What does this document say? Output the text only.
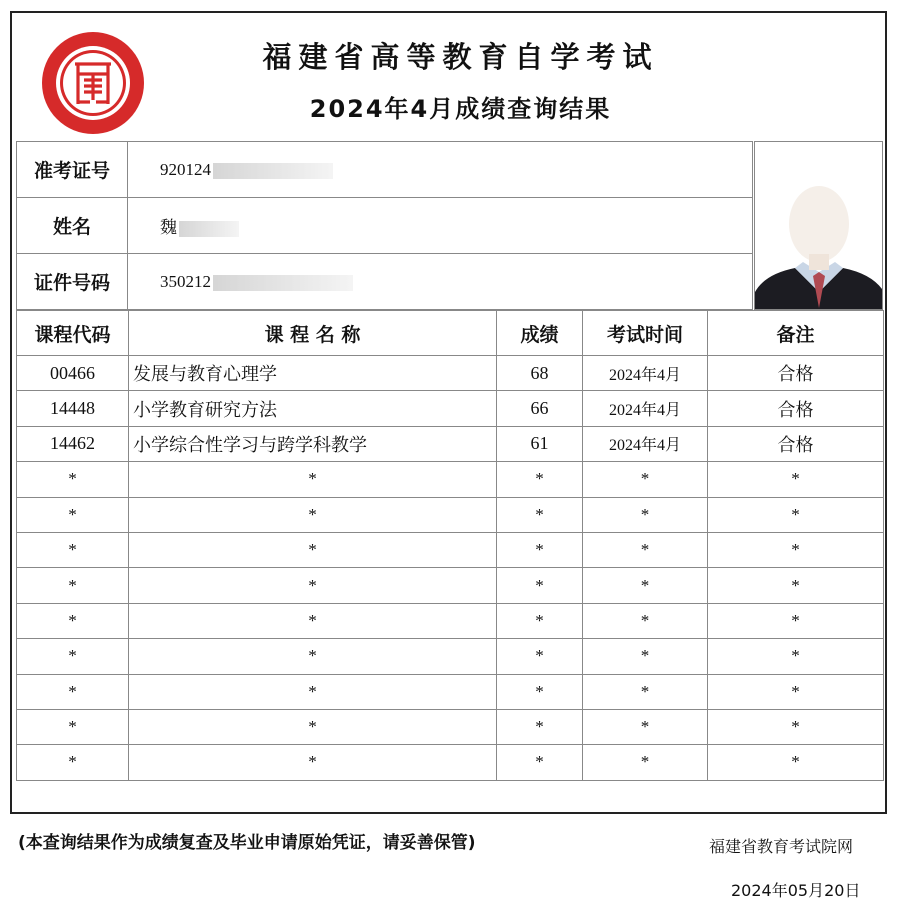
福建省高等教育自学考试
2024年4月成绩查询结果
准考证号	920124
姓名	魏
证件号码	350212
课程代码	课 程 名 称	成绩	考试时间	备注
00466	发展与教育心理学	68	2024年4月	合格
14448	小学教育研究方法	66	2024年4月	合格
14462	小学综合性学习与跨学科教学	61	2024年4月	合格
*	*	*	*	*
*	*	*	*	*
*	*	*	*	*
*	*	*	*	*
*	*	*	*	*
*	*	*	*	*
*	*	*	*	*
*	*	*	*	*
*	*	*	*	*
(本查询结果作为成绩复查及毕业申请原始凭证，请妥善保管)	福建省教育考试院网
2024年05月20日
